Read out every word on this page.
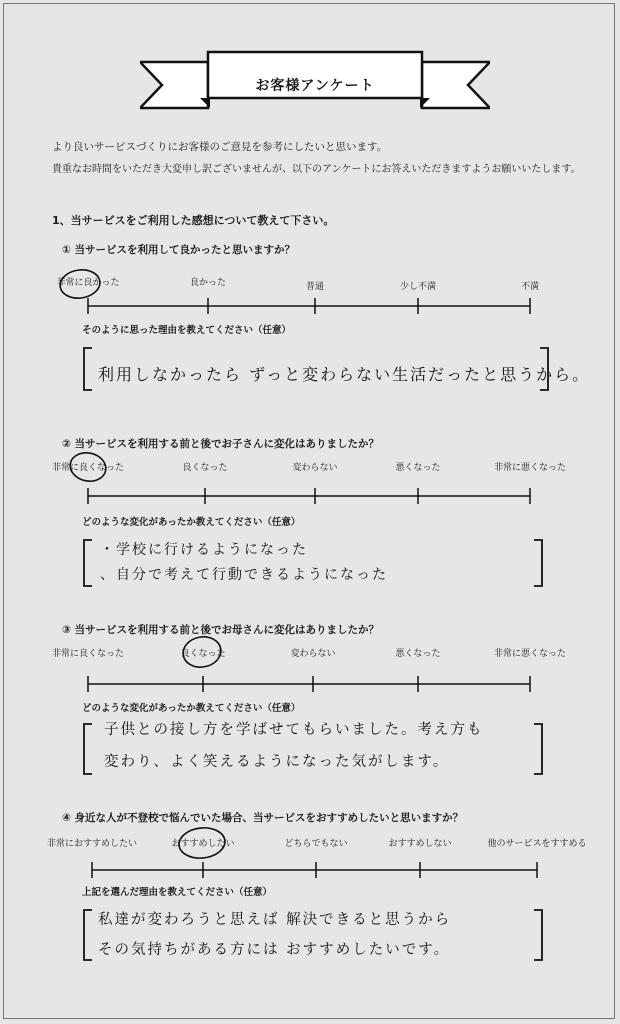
お客様アンケート
より良いサービスづくりにお客様のご意見を参考にしたいと思います。
貴重なお時間をいただき大変申し訳ございませんが、以下のアンケートにお答えいただきますようお願いいたします。
1、当サービスをご利用した感想について教えて下さい。
① 当サービスを利用して良かったと思いますか？
非常に良かった	良かった	普通	少し不満	不満
そのように思った理由を教えてください（任意）
利用しなかったら ずっと変わらない生活だったと思うから。
② 当サービスを利用する前と後でお子さんに変化はありましたか？
非常に良くなった	良くなった	変わらない	悪くなった	非常に悪くなった
どのような変化があったか教えてください（任意）
・学校に行けるようになった
、自分で考えて行動できるようになった
③ 当サービスを利用する前と後でお母さんに変化はありましたか？
非常に良くなった	良くなった	変わらない	悪くなった	非常に悪くなった
どのような変化があったか教えてください（任意）
子供との接し方を学ばせてもらいました。考え方も
変わり、よく笑えるようになった気がします。
④ 身近な人が不登校で悩んでいた場合、当サービスをおすすめしたいと思いますか？
非常におすすめしたい	おすすめしたい	どちらでもない	おすすめしない	他のサービスをすすめる
上記を選んだ理由を教えてください（任意）
私達が変わろうと思えば 解決できると思うから
その気持ちがある方には おすすめしたいです。
